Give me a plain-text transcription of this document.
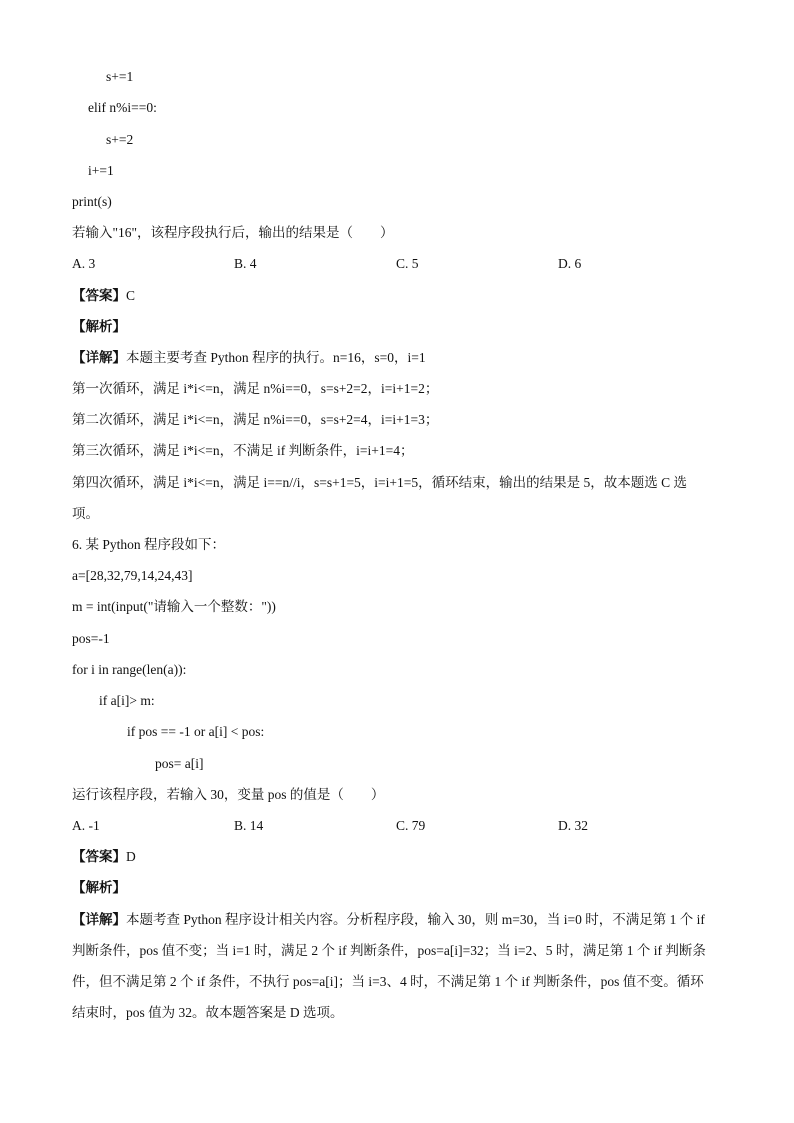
s+=1
elif n%i==0:
s+=2
i+=1
print(s)
若输入"16"，该程序段执行后，输出的结果是（　　）
A. 3	B. 4	C. 5	D. 6
【答案】C
【解析】
【详解】本题主要考查 Python 程序的执行。n=16，s=0，i=1
第一次循环，满足 i*i<=n，满足 n%i==0，s=s+2=2，i=i+1=2；
第二次循环，满足 i*i<=n，满足 n%i==0，s=s+2=4，i=i+1=3；
第三次循环，满足 i*i<=n，不满足 if 判断条件，i=i+1=4；
第四次循环，满足 i*i<=n，满足 i==n//i，s=s+1=5，i=i+1=5，循环结束，输出的结果是 5，故本题选 C 选
项。
6. 某 Python 程序段如下：
a=[28,32,79,14,24,43]
m = int(input("请输入一个整数："))
pos=-1
for i in range(len(a)):
if a[i]> m:
if pos == -1 or a[i] < pos:
pos= a[i]
运行该程序段，若输入 30，变量 pos 的值是（　　）
A. -1	B. 14	C. 79	D. 32
【答案】D
【解析】
【详解】本题考查 Python 程序设计相关内容。分析程序段，输入 30，则 m=30，当 i=0 时，不满足第 1 个 if 判断条件，pos 值不变；当 i=1 时，满足 2 个 if 判断条件，pos=a[i]=32；当 i=2、5 时，满足第 1 个 if 判断条件，但不满足第 2 个 if 条件，不执行 pos=a[i]；当 i=3、4 时，不满足第 1 个 if 判断条件，pos 值不变。循环结束时，pos 值为 32。故本题答案是 D 选项。
